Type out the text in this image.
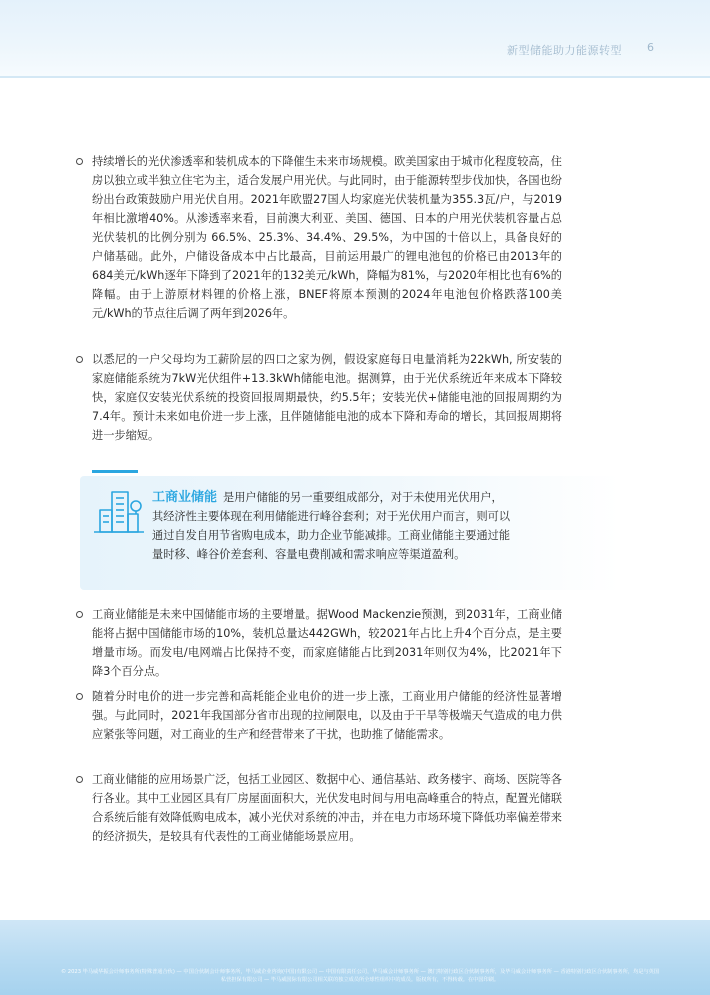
新型储能助力能源转型 6

持续增长的光伏渗透率和装机成本的下降催生未来市场规模。欧美国家由于城市化程度较高，住房以独立或半独立住宅为主，适合发展户用光伏。与此同时，由于能源转型步伐加快，各国也纷纷出台政策鼓励户用光伏自用。2021年欧盟27国人均家庭光伏装机量为355.3瓦/户，与2019年相比激增40%。从渗透率来看，目前澳大利亚、美国、德国、日本的户用光伏装机容量占总光伏装机的比例分别为 66.5%、25.3%、34.4%、29.5%，为中国的十倍以上，具备良好的户储基础。此外，户储设备成本中占比最高，目前运用最广的锂电池包的价格已由2013年的684美元/kWh逐年下降到了2021年的132美元/kWh，降幅为81%，与2020年相比也有6%的降幅。由于上游原材料锂的价格上涨，BNEF将原本预测的2024年电池包价格跌落100美元/kWh的节点往后调了两年到2026年。

以悉尼的一户父母均为工薪阶层的四口之家为例，假设家庭每日电量消耗为22kWh, 所安装的家庭储能系统为7kW光伏组件+13.3kWh储能电池。据测算，由于光伏系统近年来成本下降较快，家庭仅安装光伏系统的投资回报周期最快，约5.5年；安装光伏+储能电池的回报周期约为7.4年。预计未来如电价进一步上涨，且伴随储能电池的成本下降和寿命的增长，其回报周期将进一步缩短。

工商业储能 是用户储能的另一重要组成部分，对于未使用光伏用户，其经济性主要体现在利用储能进行峰谷套利；对于光伏用户而言，则可以通过自发自用节省购电成本，助力企业节能减排。工商业储能主要通过能量时移、峰谷价差套利、容量电费削减和需求响应等渠道盈利。

工商业储能是未来中国储能市场的主要增量。据Wood Mackenzie预测，到2031年，工商业储能将占据中国储能市场的10%，装机总量达442GWh，较2021年占比上升4个百分点，是主要增量市场。而发电/电网端占比保持不变，而家庭储能占比到2031年则仅为4%，比2021年下降3个百分点。

随着分时电价的进一步完善和高耗能企业电价的进一步上涨，工商业用户储能的经济性显著增强。与此同时，2021年我国部分省市出现的拉闸限电，以及由于干旱等极端天气造成的电力供应紧张等问题，对工商业的生产和经营带来了干扰，也助推了储能需求。

工商业储能的应用场景广泛，包括工业园区、数据中心、通信基站、政务楼宇、商场、医院等各行各业。其中工业园区具有厂房屋面面积大，光伏发电时间与用电高峰重合的特点，配置光储联合系统后能有效降低购电成本，减小光伏对系统的冲击，并在电力市场环境下降低功率偏差带来的经济损失，是较具有代表性的工商业储能场景应用。

© 2023 毕马威华振会计师事务所(特殊普通合伙) — 中国合伙制会计师事务所，毕马威企业咨询(中国)有限公司 — 中国有限责任公司，毕马威会计师事务所 — 澳门特别行政区合伙制事务所，及毕马威会计师事务所 — 香港特别行政区合伙制事务所，均是与英国私营担保有限公司 — 毕马威国际有限公司相关联的独立成员所全球性组织中的成员。版权所有，不得转载。在中国印刷。
